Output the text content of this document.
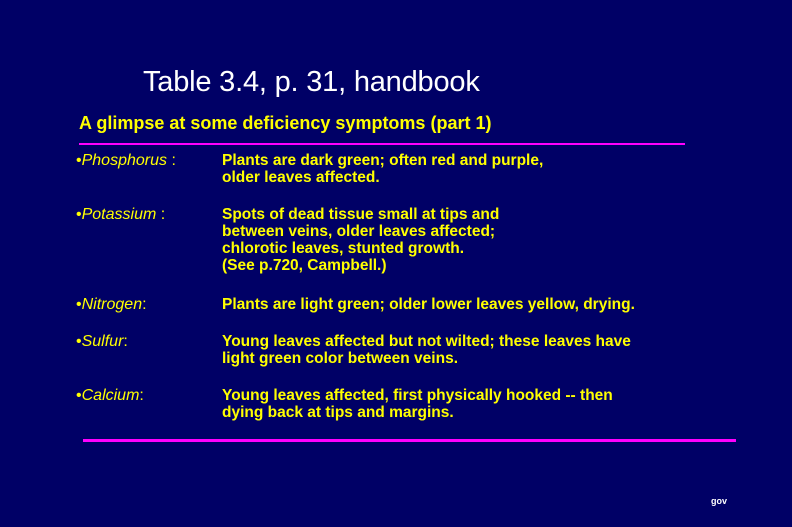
Table 3.4, p. 31, handbook
A glimpse at some deficiency symptoms (part 1)
•Phosphorus :	Plants are dark green; often red and purple,
older leaves affected.
•Potassium :	Spots of dead tissue small at tips and
between veins, older leaves affected;
chlorotic leaves, stunted growth.
(See p.720, Campbell.)
•Nitrogen:	Plants are light green; older lower leaves yellow, drying.
•Sulfur:	Young leaves affected but not wilted; these leaves have
light green color between veins.
•Calcium:	Young leaves affected, first physically hooked -- then
dying back at tips and margins.
gov
